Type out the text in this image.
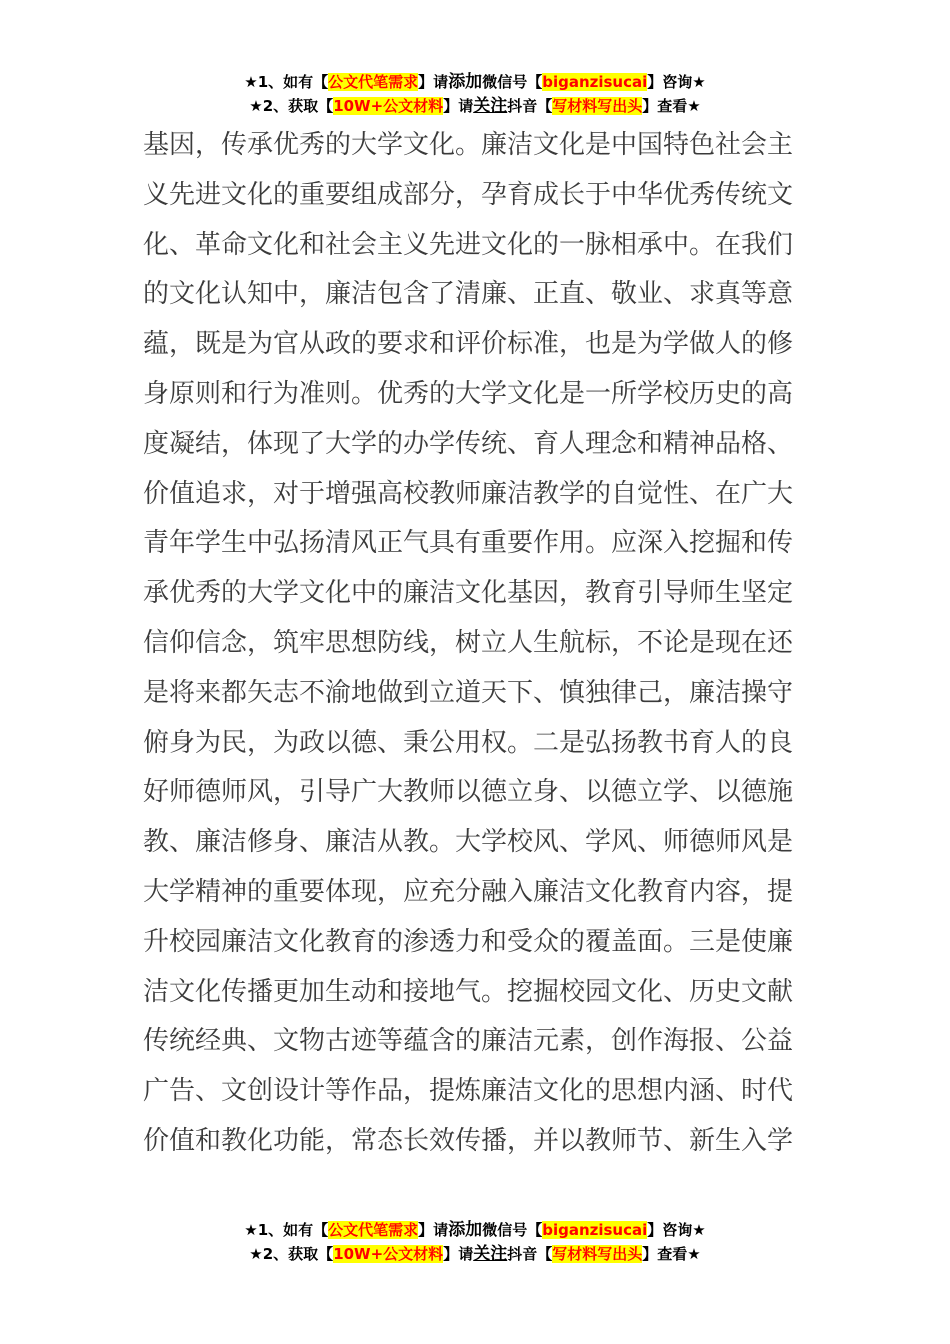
★1、如有【公文代笔需求】请添加微信号【biganzisucai】咨询★
★2、获取【10W+公文材料】请关注抖音【写材料写出头】查看★
基因，传承优秀的大学文化。廉洁文化是中国特色社会主
义先进文化的重要组成部分，孕育成长于中华优秀传统文
化、革命文化和社会主义先进文化的一脉相承中。在我们
的文化认知中，廉洁包含了清廉、正直、敬业、求真等意
蕴，既是为官从政的要求和评价标准，也是为学做人的修
身原则和行为准则。优秀的大学文化是一所学校历史的高
度凝结，体现了大学的办学传统、育人理念和精神品格、
价值追求，对于增强高校教师廉洁教学的自觉性、在广大
青年学生中弘扬清风正气具有重要作用。应深入挖掘和传
承优秀的大学文化中的廉洁文化基因，教育引导师生坚定
信仰信念，筑牢思想防线，树立人生航标，不论是现在还
是将来都矢志不渝地做到立道天下、慎独律己，廉洁操守
俯身为民，为政以德、秉公用权。二是弘扬教书育人的良
好师德师风，引导广大教师以德立身、以德立学、以德施
教、廉洁修身、廉洁从教。大学校风、学风、师德师风是
大学精神的重要体现，应充分融入廉洁文化教育内容，提
升校园廉洁文化教育的渗透力和受众的覆盖面。三是使廉
洁文化传播更加生动和接地气。挖掘校园文化、历史文献
传统经典、文物古迹等蕴含的廉洁元素，创作海报、公益
广告、文创设计等作品，提炼廉洁文化的思想内涵、时代
价值和教化功能，常态长效传播，并以教师节、新生入学
★1、如有【公文代笔需求】请添加微信号【biganzisucai】咨询★
★2、获取【10W+公文材料】请关注抖音【写材料写出头】查看★
